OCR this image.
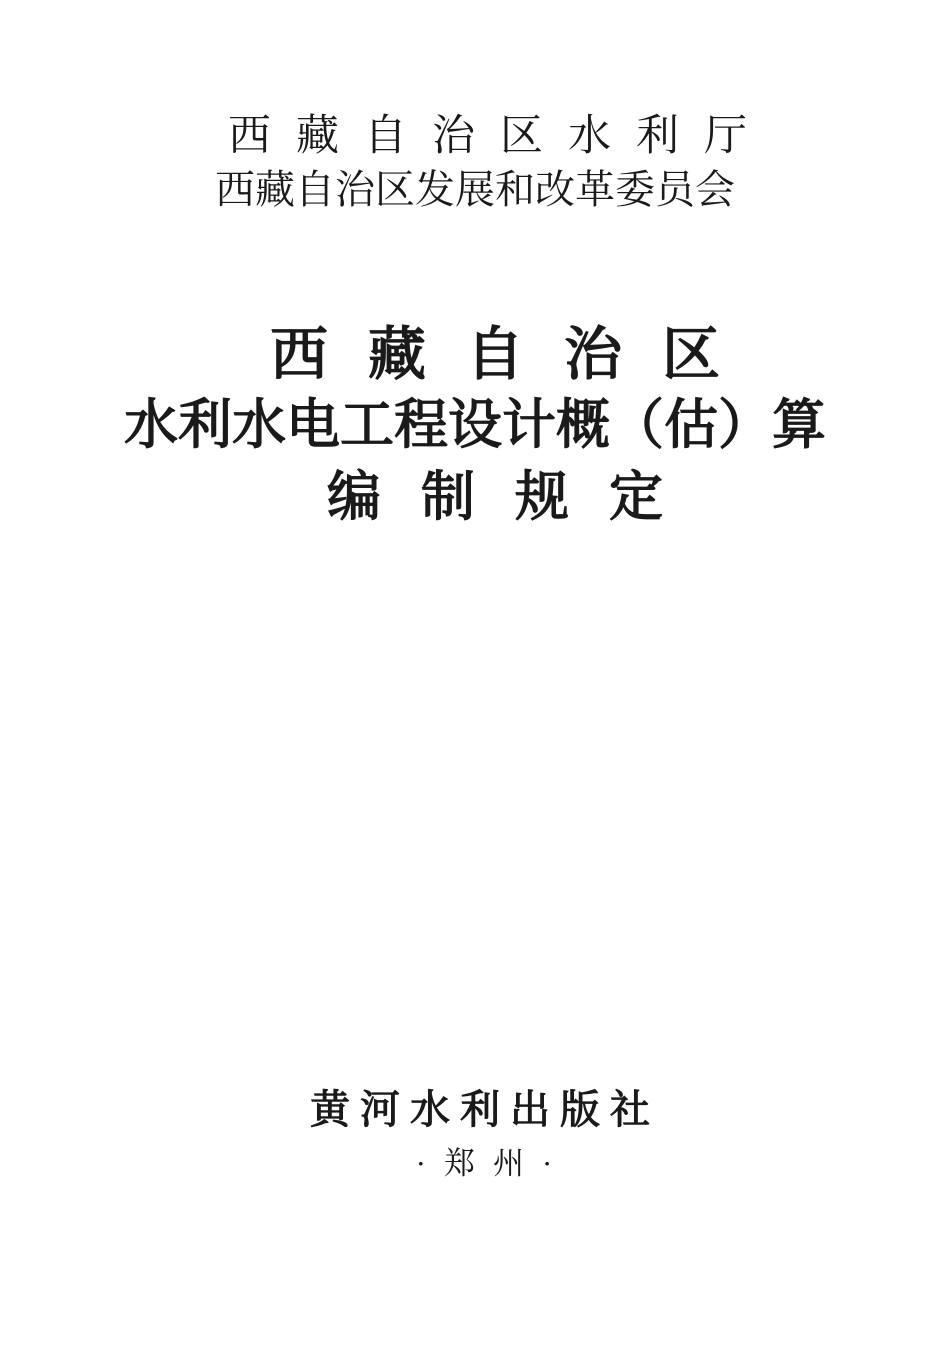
西藏自治区水利厅
西藏自治区发展和改革委员会
西藏自治区
水利水电工程设计概（估）算
编制规定
黄河水利出版社
·郑州·
